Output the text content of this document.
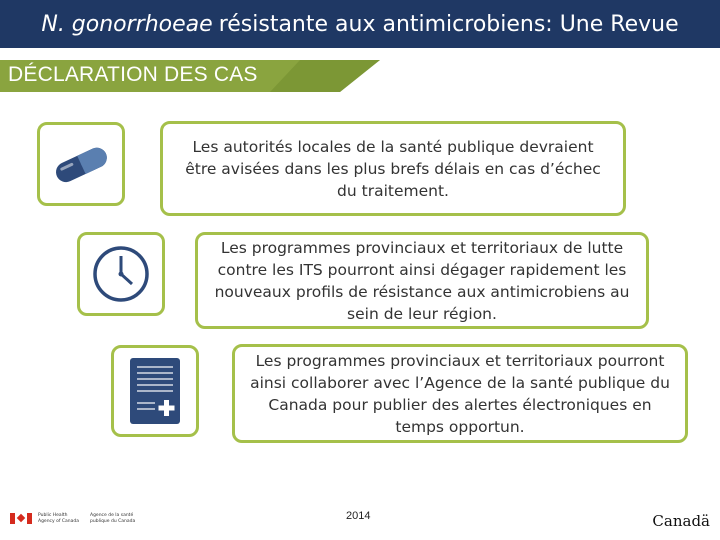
N. gonorrhoeae résistante aux antimicrobiens: Une Revue
DÉCLARATION DES CAS
Les autorités locales de la santé publique devraient être avisées dans les plus brefs délais en cas d’échec du traitement.
Les programmes provinciaux et territoriaux de lutte contre les ITS pourront ainsi dégager rapidement les nouveaux profils de résistance aux antimicrobiens au sein de leur région.
Les programmes provinciaux et territoriaux pourront ainsi collaborer avec l’Agence de la santé publique du Canada pour publier des alertes électroniques en temps opportun.
Public Health Agency of Canada
Agence de la santé publique du Canada	2014	Canadä
